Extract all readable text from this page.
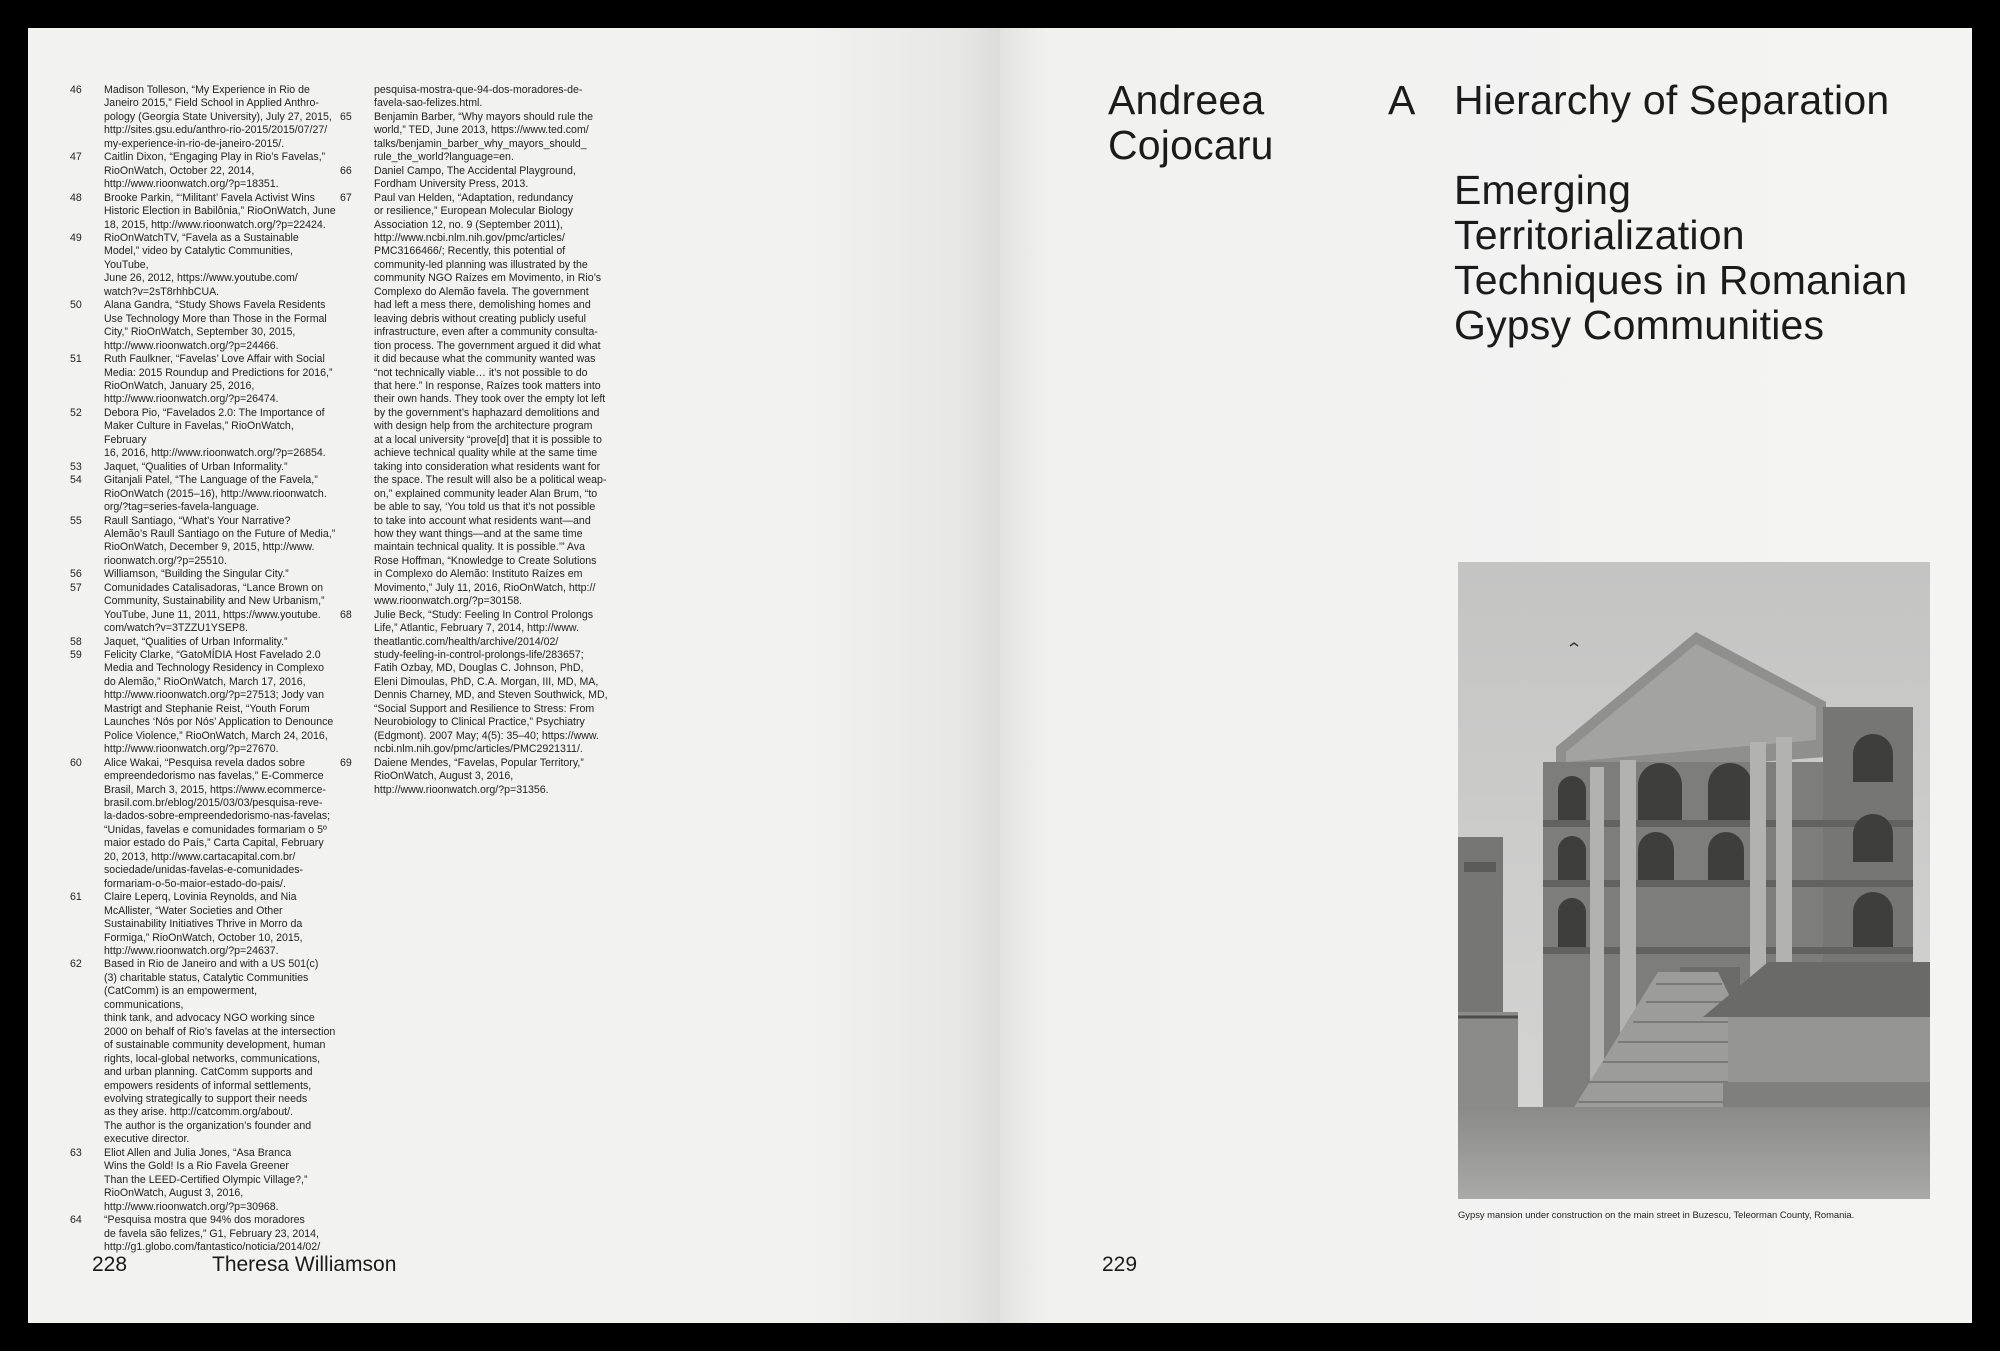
46 Madison Tolleson, “My Experience in Rio de
Janeiro 2015,” Field School in Applied Anthro-
pology (Georgia State University), July 27, 2015,
http://sites.gsu.edu/anthro-rio-2015/2015/07/27/
my-experience-in-rio-de-janeiro-2015/.
47 Caitlin Dixon, “Engaging Play in Rio’s Favelas,”
RioOnWatch, October 22, 2014,
http://www.rioonwatch.org/?p=18351.
48 Brooke Parkin, “‘Militant’ Favela Activist Wins
Historic Election in Babilônia,” RioOnWatch, June
18, 2015, http://www.rioonwatch.org/?p=22424.
49 RioOnWatchTV, “Favela as a Sustainable
Model,” video by Catalytic Communities, YouTube,
June 26, 2012, https://www.youtube.com/
watch?v=2sT8rhhbCUA.
50 Alana Gandra, “Study Shows Favela Residents
Use Technology More than Those in the Formal
City,” RioOnWatch, September 30, 2015,
http://www.rioonwatch.org/?p=24466.
51 Ruth Faulkner, “Favelas’ Love Affair with Social
Media: 2015 Roundup and Predictions for 2016,”
RioOnWatch, January 25, 2016,
http://www.rioonwatch.org/?p=26474.
52 Debora Pio, “Favelados 2.0: The Importance of
Maker Culture in Favelas,” RioOnWatch, February
16, 2016, http://www.rioonwatch.org/?p=26854.
53 Jaquet, “Qualities of Urban Informality.”
54 Gitanjali Patel, “The Language of the Favela,”
RioOnWatch (2015–16), http://www.rioonwatch.
org/?tag=series-favela-language.
55 Raull Santiago, “What’s Your Narrative?
Alemão’s Raull Santiago on the Future of Media,”
RioOnWatch, December 9, 2015, http://www.
rioonwatch.org/?p=25510.
56 Williamson, “Building the Singular City.”
57 Comunidades Catalisadoras, “Lance Brown on
Community, Sustainability and New Urbanism,”
YouTube, June 11, 2011, https://www.youtube.
com/watch?v=3TZZU1YSEP8.
58 Jaquet, “Qualities of Urban Informality.”
59 Felicity Clarke, “GatoMÍDIA Host Favelado 2.0
Media and Technology Residency in Complexo
do Alemão,” RioOnWatch, March 17, 2016,
http://www.rioonwatch.org/?p=27513; Jody van
Mastrigt and Stephanie Reist, “Youth Forum
Launches ‘Nós por Nós’ Application to Denounce
Police Violence,” RioOnWatch, March 24, 2016,
http://www.rioonwatch.org/?p=27670.
60 Alice Wakai, “Pesquisa revela dados sobre
empreendedorismo nas favelas,” E-Commerce
Brasil, March 3, 2015, https://www.ecommerce-
brasil.com.br/eblog/2015/03/03/pesquisa-reve-
la-dados-sobre-empreendedorismo-nas-favelas;
“Unidas, favelas e comunidades formariam o 5º
maior estado do País,” Carta Capital, February
20, 2013, http://www.cartacapital.com.br/
sociedade/unidas-favelas-e-comunidades-
formariam-o-5o-maior-estado-do-pais/.
61 Claire Leperq, Lovinia Reynolds, and Nia
McAllister, “Water Societies and Other
Sustainability Initiatives Thrive in Morro da
Formiga,” RioOnWatch, October 10, 2015,
http://www.rioonwatch.org/?p=24637.
62 Based in Rio de Janeiro and with a US 501(c)
(3) charitable status, Catalytic Communities
(CatComm) is an empowerment, communications,
think tank, and advocacy NGO working since
2000 on behalf of Rio’s favelas at the intersection
of sustainable community development, human
rights, local-global networks, communications,
and urban planning. CatComm supports and
empowers residents of informal settlements,
evolving strategically to support their needs
as they arise. http://catcomm.org/about/.
The author is the organization’s founder and
executive director.
63 Eliot Allen and Julia Jones, “Asa Branca
Wins the Gold! Is a Rio Favela Greener
Than the LEED-Certified Olympic Village?,”
RioOnWatch, August 3, 2016,
http://www.rioonwatch.org/?p=30968.
64 “Pesquisa mostra que 94% dos moradores
de favela são felizes,” G1, February 23, 2014,
http://g1.globo.com/fantastico/noticia/2014/02/
pesquisa-mostra-que-94-dos-moradores-de-
favela-sao-felizes.html.
65 Benjamin Barber, “Why mayors should rule the
world,” TED, June 2013, https://www.ted.com/
talks/benjamin_barber_why_mayors_should_
rule_the_world?language=en.
66 Daniel Campo, The Accidental Playground,
Fordham University Press, 2013.
67 Paul van Helden, “Adaptation, redundancy
or resilience,” European Molecular Biology
Association 12, no. 9 (September 2011),
http://www.ncbi.nlm.nih.gov/pmc/articles/
PMC3166466/; Recently, this potential of
community-led planning was illustrated by the
community NGO Raízes em Movimento, in Rio’s
Complexo do Alemão favela. The government
had left a mess there, demolishing homes and
leaving debris without creating publicly useful
infrastructure, even after a community consulta-
tion process. The government argued it did what
it did because what the community wanted was
“not technically viable… it’s not possible to do
that here.” In response, Raízes took matters into
their own hands. They took over the empty lot left
by the government’s haphazard demolitions and
with design help from the architecture program
at a local university “prove[d] that it is possible to
achieve technical quality while at the same time
taking into consideration what residents want for
the space. The result will also be a political weap-
on,” explained community leader Alan Brum, “to
be able to say, ‘You told us that it’s not possible
to take into account what residents want—and
how they want things—and at the same time
maintain technical quality. It is possible.’” Ava
Rose Hoffman, “Knowledge to Create Solutions
in Complexo do Alemão: Instituto Raízes em
Movimento,” July 11, 2016, RioOnWatch, http://
www.rioonwatch.org/?p=30158.
68 Julie Beck, “Study: Feeling In Control Prolongs
Life,” Atlantic, February 7, 2014, http://www.
theatlantic.com/health/archive/2014/02/
study-feeling-in-control-prolongs-life/283657;
Fatih Ozbay, MD, Douglas C. Johnson, PhD,
Eleni Dimoulas, PhD, C.A. Morgan, III, MD, MA,
Dennis Charney, MD, and Steven Southwick, MD,
“Social Support and Resilience to Stress: From
Neurobiology to Clinical Practice,” Psychiatry
(Edgmont). 2007 May; 4(5): 35–40; https://www.
ncbi.nlm.nih.gov/pmc/articles/PMC2921311/.
69 Daiene Mendes, “Favelas, Popular Territory,”
RioOnWatch, August 3, 2016,
http://www.rioonwatch.org/?p=31356.
228	Theresa Williamson
Andreea
Cojocaru
A Hierarchy of Separation
Emerging
Territorialization
Techniques in Romanian
Gypsy Communities
Gypsy mansion under construction on the main street in Buzescu, Teleorman County, Romania.
229
